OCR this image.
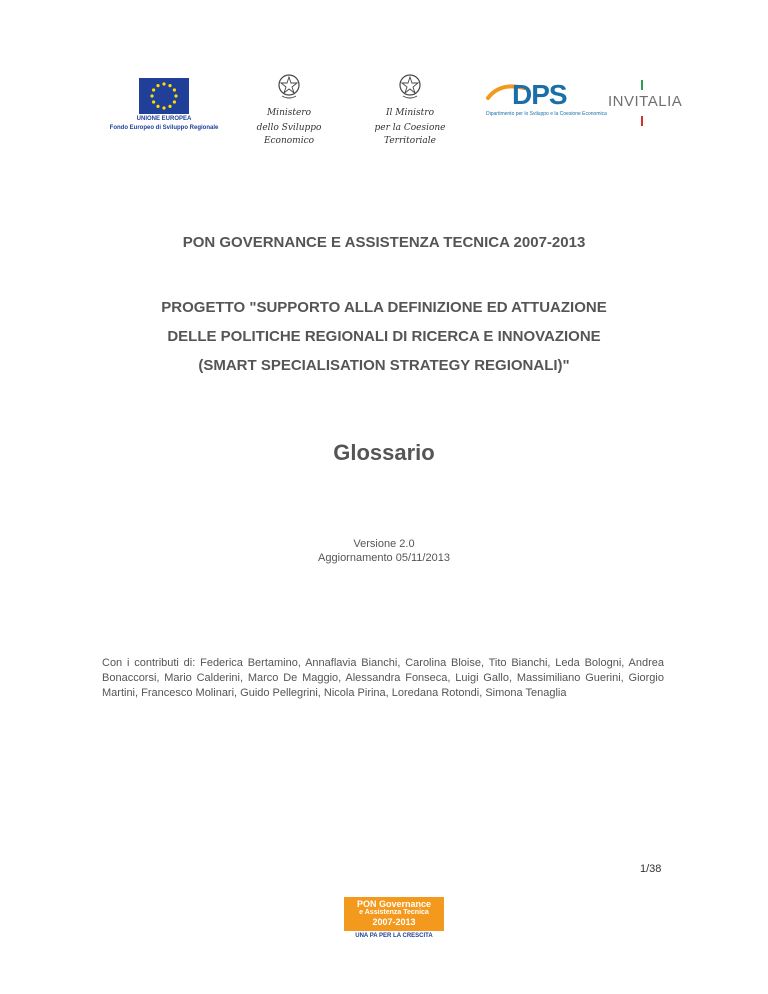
UNIONE EUROPEA
Fondo Europeo di Sviluppo Regionale
Ministero
dello Sviluppo Economico
Il Ministro
per la Coesione Territoriale
DPS
Dipartimento per lo Sviluppo e la Coesione Economica
INVITALIA
PON GOVERNANCE E ASSISTENZA TECNICA 2007-2013
PROGETTO "SUPPORTO ALLA DEFINIZIONE ED ATTUAZIONE
DELLE POLITICHE REGIONALI DI RICERCA E INNOVAZIONE
(SMART SPECIALISATION STRATEGY REGIONALI)"
Glossario
Versione 2.0
Aggiornamento 05/11/2013
Con i contributi di: Federica Bertamino, Annaflavia Bianchi, Carolina Bloise, Tito Bianchi, Leda Bologni, Andrea Bonaccorsi, Mario Calderini, Marco De Maggio, Alessandra Fonseca, Luigi Gallo, Massimiliano Guerini, Giorgio Martini, Francesco Molinari, Guido Pellegrini, Nicola Pirina, Loredana Rotondi, Simona Tenaglia
1/38
PON Governance
e Assistenza Tecnica
2007-2013
UNA PA PER LA CRESCITA
